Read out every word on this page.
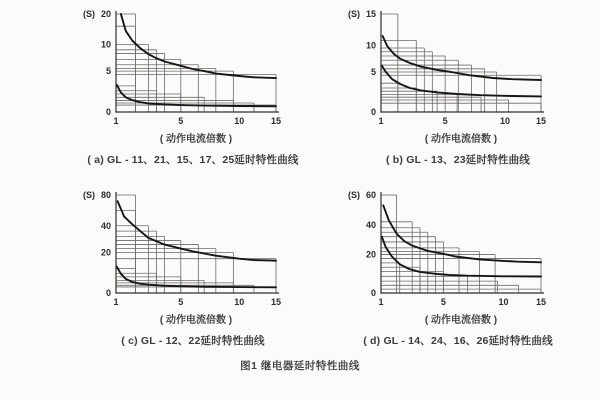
0
5
10
20
1	5	10	15
(S)
( 动作电流倍数 )
( a) GL - 11、21、15、17、25延时特性曲线
0
5
10
15
1	5	10	15
(S)
( 动作电流倍数 )
( b) GL - 13、23延时特性曲线
0
20
40
80
1	5	10	15
(S)
( 动作电流倍数 )
( c) GL - 12、22延时特性曲线
0
20
40
60
1	5	10	15
(S)
( 动作电流倍数 )
( d) GL - 14、24、16、26延时特性曲线
图1 继电器延时特性曲线
